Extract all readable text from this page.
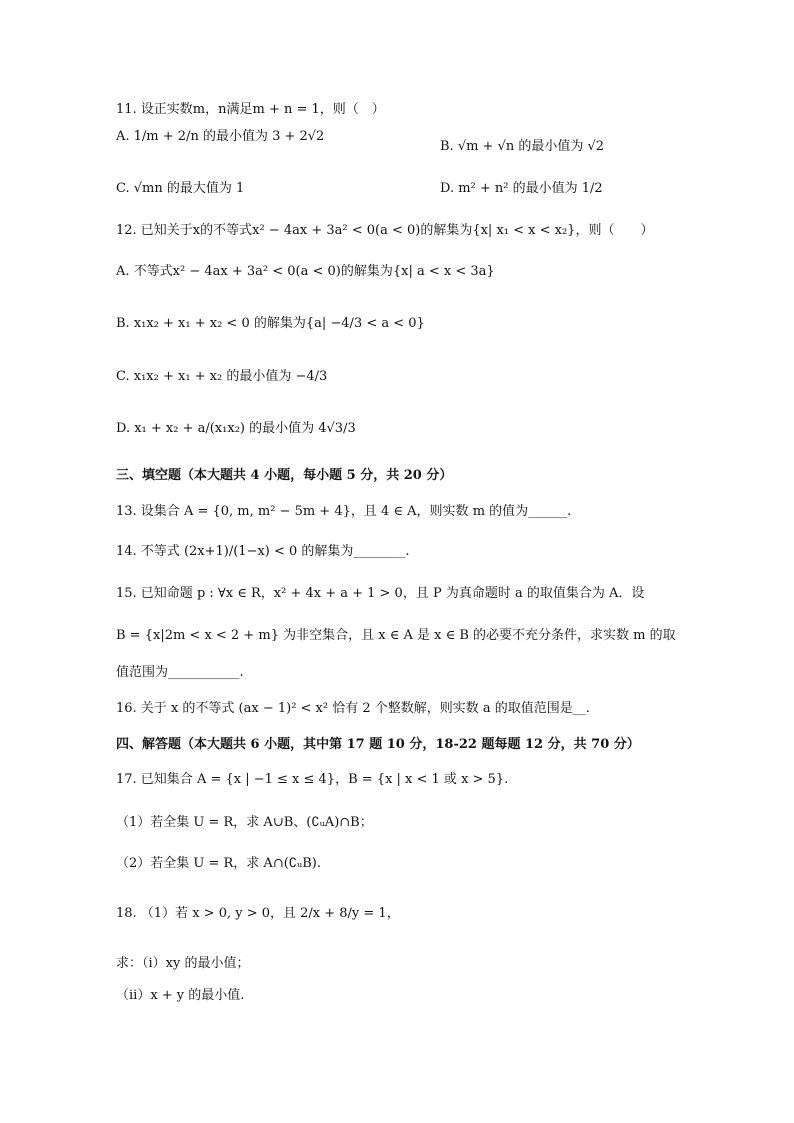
11. 设正实数m，n满足m + n = 1，则（　）
A. 1/m + 2/n 的最小值为 3 + 2√2
B. √m + √n 的最小值为 √2
C. √mn 的最大值为 1	D. m² + n² 的最小值为 1/2
12. 已知关于x的不等式x² − 4ax + 3a² < 0(a < 0)的解集为{x| x₁ < x < x₂}，则（　　）
A. 不等式x² − 4ax + 3a² < 0(a < 0)的解集为{x| a < x < 3a}
B. x₁x₂ + x₁ + x₂ < 0 的解集为{a| −4/3 < a < 0}
C. x₁x₂ + x₁ + x₂ 的最小值为 −4/3
D. x₁ + x₂ + a/(x₁x₂) 的最小值为 4√3/3
三、填空题（本大题共 4 小题，每小题 5 分，共 20 分）
13. 设集合 A = {0, m, m² − 5m + 4}，且 4 ∈ A，则实数 m 的值为______.
14. 不等式 (2x+1)/(1−x) < 0 的解集为________.
15. 已知命题 p : ∀x ∈ R，x² + 4x + a + 1 > 0，且 P 为真命题时 a 的取值集合为 A．设
B = {x|2m < x < 2 + m} 为非空集合，且 x ∈ A 是 x ∈ B 的必要不充分条件，求实数 m 的取
值范围为___________.
16. 关于 x 的不等式 (ax − 1)² < x² 恰有 2 个整数解，则实数 a 的取值范围是__.
四、解答题（本大题共 6 小题，其中第 17 题 10 分，18-22 题每题 12 分，共 70 分）
17. 已知集合 A = {x | −1 ≤ x ≤ 4}，B = {x | x < 1 或 x > 5}.
（1）若全集 U = R，求 A∪B、(∁ᵤA)∩B；
（2）若全集 U = R，求 A∩(∁ᵤB).
18. （1）若 x > 0, y > 0，且 2/x + 8/y = 1，
求：（i）xy 的最小值；
（ii）x + y 的最小值.
